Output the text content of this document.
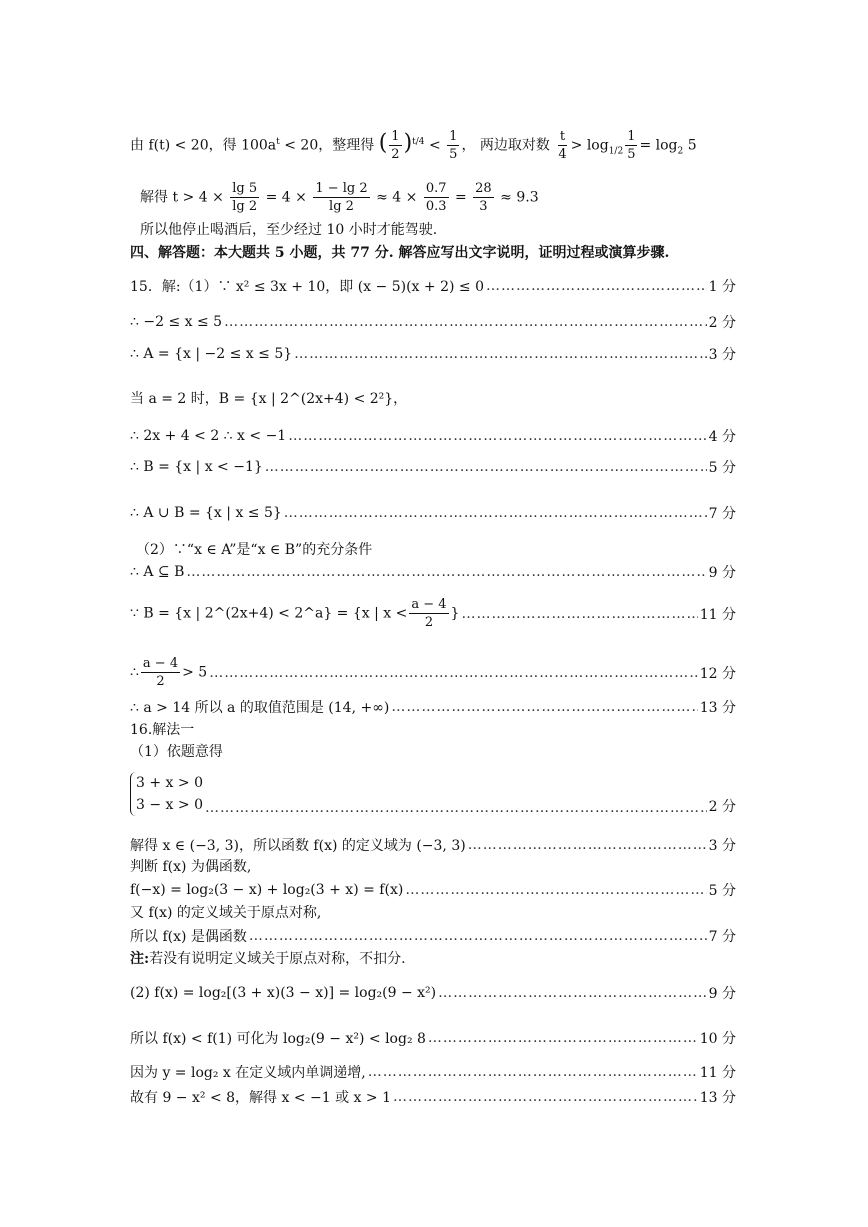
由 f(t) < 20，得 $100a^t < 20$，整理得 ( $\frac{1}{2} )^{t/4} < \frac{1}{5}$ ， 两边取对数 $\frac{t}{4} > \log_{1/2} \frac{1}{5} = \log_2 5$
解得 $t > 4 \times \frac{\lg 5}{\lg 2} = 4 \times \frac{1 - \lg 2}{\lg 2} \approx 4 \times \frac{0.7}{0.3} = \frac{28}{3} \approx 9.3$
所以他停止喝酒后，至少经过 10 小时才能驾驶.
四、解答题：本大题共 5 小题，共 77 分. 解答应写出文字说明，证明过程或演算步骤.
15．解:（1）∵ x² ≤ 3x + 10，即 (x − 5)(x + 2) ≤ 0 ……………………………………………………………………………………………………………………………………………………………………………………	1 分
∴ −2 ≤ x ≤ 5 ……………………………………………………………………………………………………………………………………………………………………………………	2 分
∴ A = {x | −2 ≤ x ≤ 5} ……………………………………………………………………………………………………………………………………………………………………………………	3 分
当 a = 2 时，B = {x | 2^(2x+4) < 2²}，
∴ 2x + 4 < 2 ∴ x < −1 ……………………………………………………………………………………………………………………………………………………………………………………	4 分
∴ B = {x | x < −1} ……………………………………………………………………………………………………………………………………………………………………………………	5 分
∴ A ∪ B = {x | x ≤ 5} ……………………………………………………………………………………………………………………………………………………………………………………	7 分
（2）∵“x ∈ A”是“x ∈ B”的充分条件
∴ A ⊆ B ……………………………………………………………………………………………………………………………………………………………………………………	9 分
∵ B = {x | 2^(2x+4) < 2^a} = {x | $x < \frac{a - 4}{2}$ } ……………………………………………………………………………………………………………………………………………………………………………………	11 分
∴ $\frac{a - 4}{2} > 5$ ……………………………………………………………………………………………………………………………………………………………………………………	12 分
∴ a > 14 所以 a 的取值范围是 (14, +∞) ……………………………………………………………………………………………………………………………………………………………………………………	13 分
16.解法一
（1）依题意得
3 + x > 0
3 − x > 0 ……………………………………………………………………………………………………………………………………………………………………………………	2 分
解得 x ∈ (−3, 3)，所以函数 f(x) 的定义域为 (−3, 3) ……………………………………………………………………………………………………………………………………………………………………………………	3 分
判断 f(x) 为偶函数,
f(−x) = log₂(3 − x) + log₂(3 + x) = f(x) ……………………………………………………………………………………………………………………………………………………………………………………	5 分
又 f(x) 的定义域关于原点对称,
所以 f(x) 是偶函数 ……………………………………………………………………………………………………………………………………………………………………………………	7 分
注:若没有说明定义域关于原点对称，不扣分.
(2) f(x) = log₂[(3 + x)(3 − x)] = log₂(9 − x²) ……………………………………………………………………………………………………………………………………………………………………………………	9 分
所以 f(x) < f(1) 可化为 log₂(9 − x²) < log₂ 8 ……………………………………………………………………………………………………………………………………………………………………………………	10 分
因为 y = log₂ x 在定义域内单调递增, ……………………………………………………………………………………………………………………………………………………………………………………	11 分
故有 9 − x² < 8，解得 x < −1 或 x > 1 ……………………………………………………………………………………………………………………………………………………………………………………	13 分
